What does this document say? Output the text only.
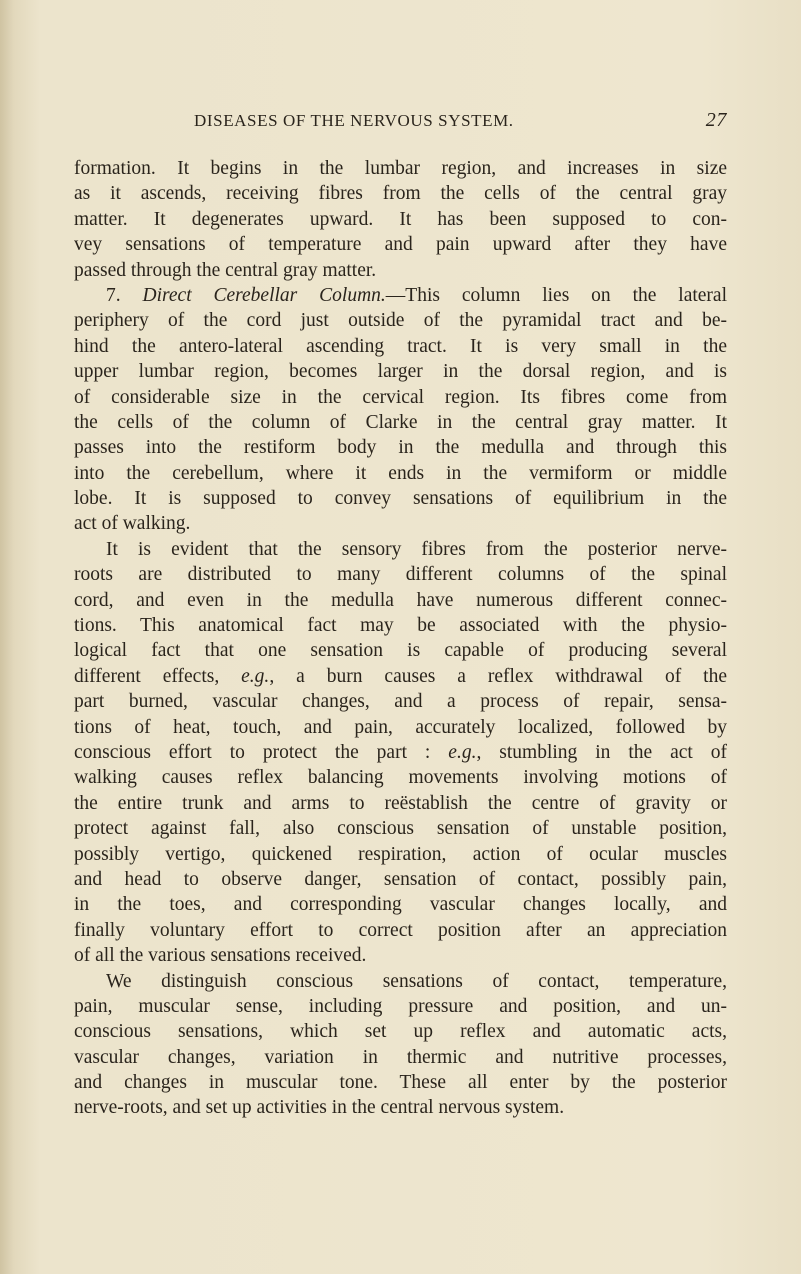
DISEASES OF THE NERVOUS SYSTEM.	27
formation. It begins in the lumbar region, and increases in size
as it ascends, receiving fibres from the cells of the central gray
matter. It degenerates upward. It has been supposed to con-
vey sensations of temperature and pain upward after they have
passed through the central gray matter.
7. Direct Cerebellar Column.—This column lies on the lateral
periphery of the cord just outside of the pyramidal tract and be-
hind the antero-lateral ascending tract. It is very small in the
upper lumbar region, becomes larger in the dorsal region, and is
of considerable size in the cervical region. Its fibres come from
the cells of the column of Clarke in the central gray matter. It
passes into the restiform body in the medulla and through this
into the cerebellum, where it ends in the vermiform or middle
lobe. It is supposed to convey sensations of equilibrium in the
act of walking.
It is evident that the sensory fibres from the posterior nerve-
roots are distributed to many different columns of the spinal
cord, and even in the medulla have numerous different connec-
tions. This anatomical fact may be associated with the physio-
logical fact that one sensation is capable of producing several
different effects, e.g., a burn causes a reflex withdrawal of the
part burned, vascular changes, and a process of repair, sensa-
tions of heat, touch, and pain, accurately localized, followed by
conscious effort to protect the part : e.g., stumbling in the act of
walking causes reflex balancing movements involving motions of
the entire trunk and arms to reëstablish the centre of gravity or
protect against fall, also conscious sensation of unstable position,
possibly vertigo, quickened respiration, action of ocular muscles
and head to observe danger, sensation of contact, possibly pain,
in the toes, and corresponding vascular changes locally, and
finally voluntary effort to correct position after an appreciation
of all the various sensations received.
We distinguish conscious sensations of contact, temperature,
pain, muscular sense, including pressure and position, and un-
conscious sensations, which set up reflex and automatic acts,
vascular changes, variation in thermic and nutritive processes,
and changes in muscular tone. These all enter by the posterior
nerve-roots, and set up activities in the central nervous system.
